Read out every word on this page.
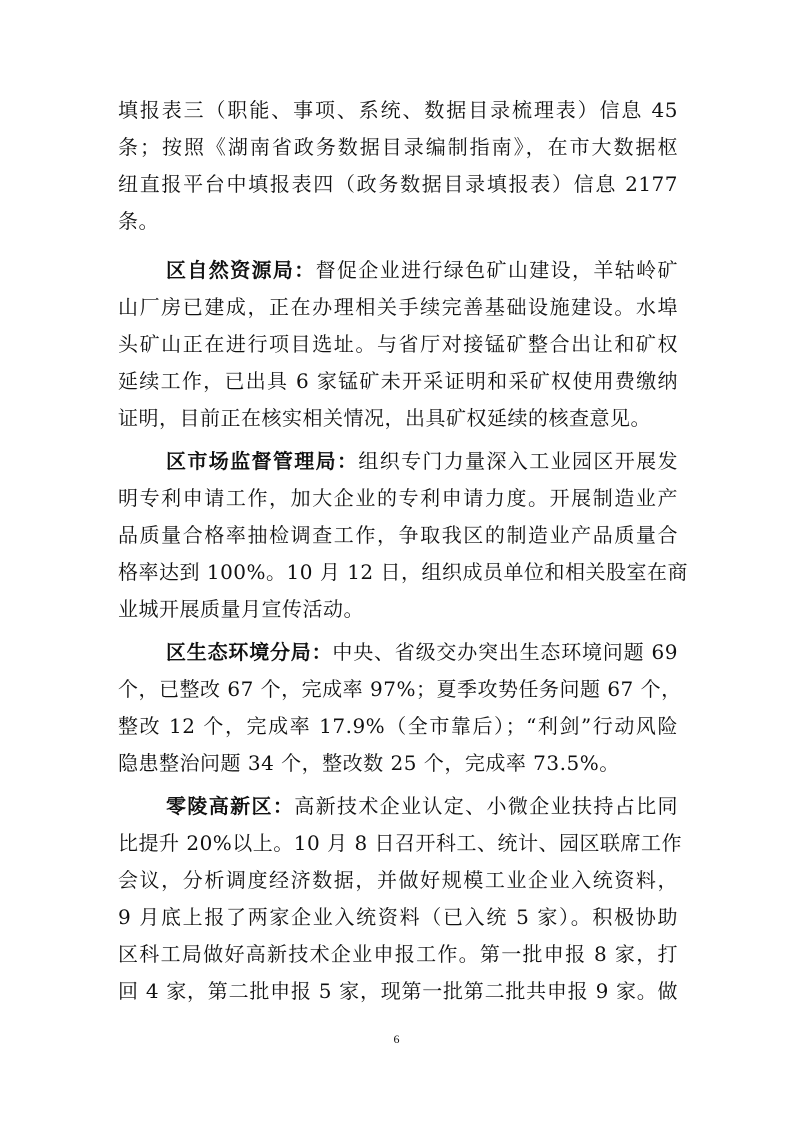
填报表三（职能、事项、系统、数据目录梳理表）信息 45
条；按照《湖南省政务数据目录编制指南》，在市大数据枢
纽直报平台中填报表四（政务数据目录填报表）信息 2177
条。
区自然资源局：督促企业进行绿色矿山建设，羊轱岭矿
山厂房已建成，正在办理相关手续完善基础设施建设。水埠
头矿山正在进行项目选址。与省厅对接锰矿整合出让和矿权
延续工作，已出具 6 家锰矿未开采证明和采矿权使用费缴纳
证明，目前正在核实相关情况，出具矿权延续的核查意见。
区市场监督管理局：组织专门力量深入工业园区开展发
明专利申请工作，加大企业的专利申请力度。开展制造业产
品质量合格率抽检调查工作，争取我区的制造业产品质量合
格率达到 100%。10 月 12 日，组织成员单位和相关股室在商
业城开展质量月宣传活动。
区生态环境分局：中央、省级交办突出生态环境问题 69
个，已整改 67 个，完成率 97%；夏季攻势任务问题 67 个，
整改 12 个，完成率 17.9%（全市靠后）；“利剑”行动风险
隐患整治问题 34 个，整改数 25 个，完成率 73.5%。
零陵高新区：高新技术企业认定、小微企业扶持占比同
比提升 20%以上。10 月 8 日召开科工、统计、园区联席工作
会议，分析调度经济数据，并做好规模工业企业入统资料，
9 月底上报了两家企业入统资料（已入统 5 家）。积极协助
区科工局做好高新技术企业申报工作。第一批申报 8 家，打
回 4 家，第二批申报 5 家，现第一批第二批共申报 9 家。做
6
